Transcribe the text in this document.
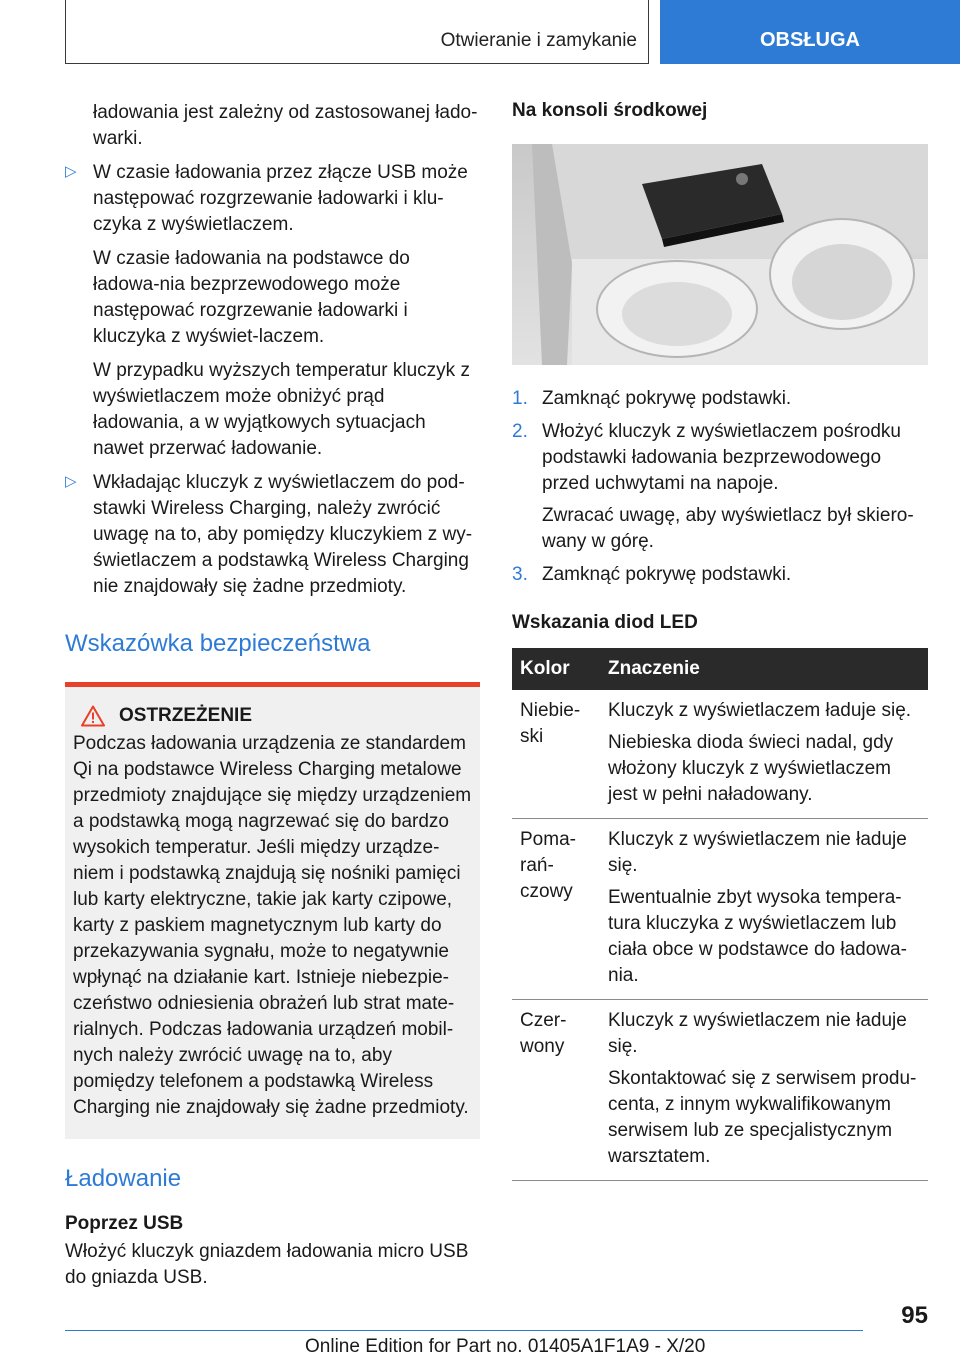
Otwieranie i zamykanie	OBSŁUGA

ładowania jest zależny od zastosowanej łado-warki.

▷ W czasie ładowania przez złącze USB może następować rozgrzewanie ładowarki i klu-czyka z wyświetlaczem.

W czasie ładowania na podstawce do ładowa-nia bezprzewodowego może następować rozgrzewanie ładowarki i kluczyka z wyświet-laczem.

W przypadku wyższych temperatur kluczyk z wyświetlaczem może obniżyć prąd ładowania, a w wyjątkowych sytuacjach nawet przerwać ładowanie.

▷ Wkładając kluczyk z wyświetlaczem do pod-stawki Wireless Charging, należy zwrócić uwagę na to, aby pomiędzy kluczykiem z wy-świetlaczem a podstawką Wireless Charging nie znajdowały się żadne przedmioty.

Wskazówka bezpieczeństwa
OSTRZEŻENIE

Podczas ładowania urządzenia ze standardem Qi na podstawce Wireless Charging metalowe przedmioty znajdujące się między urządzeniem a podstawką mogą nagrzewać się do bardzo wysokich temperatur. Jeśli między urządze-niem i podstawką znajdują się nośniki pamięci lub karty elektryczne, takie jak karty czipowe, karty z paskiem magnetycznym lub karty do przekazywania sygnału, może to negatywnie wpłynąć na działanie kart. Istnieje niebezpie-czeństwo odniesienia obrażeń lub strat mate-rialnych. Podczas ładowania urządzeń mobil-nych należy zwrócić uwagę na to, aby pomiędzy telefonem a podstawką Wireless Charging nie znajdowały się żadne przedmioty.

Ładowanie
Poprzez USB

Włożyć kluczyk gniazdem ładowania micro USB do gniazda USB.

Na konsoli środkowej
1. Zamknąć pokrywę podstawki.
2. Włożyć kluczyk z wyświetlaczem pośrodku podstawki ładowania bezprzewodowego przed uchwytami na napoje.
Zwracać uwagę, aby wyświetlacz był skiero-wany w górę.
3. Zamknąć pokrywę podstawki.
Wskazania diod LED
Kolor	Znaczenie
Niebie-ski	Kluczyk z wyświetlaczem ładuje się.
Niebieska dioda świeci nadal, gdy włożony kluczyk z wyświetlaczem jest w pełni naładowany.

Poma-rań-czowy	Kluczyk z wyświetlaczem nie ładuje się.
Ewentualnie zbyt wysoka tempera-tura kluczyka z wyświetlaczem lub ciała obce w podstawce do ładowa-nia.

Czer-wony	Kluczyk z wyświetlaczem nie ładuje się.
Skontaktować się z serwisem produ-centa, z innym wykwalifikowanym serwisem lub ze specjalistycznym warsztatem.
95
Online Edition for Part no. 01405A1F1A9 - X/20
